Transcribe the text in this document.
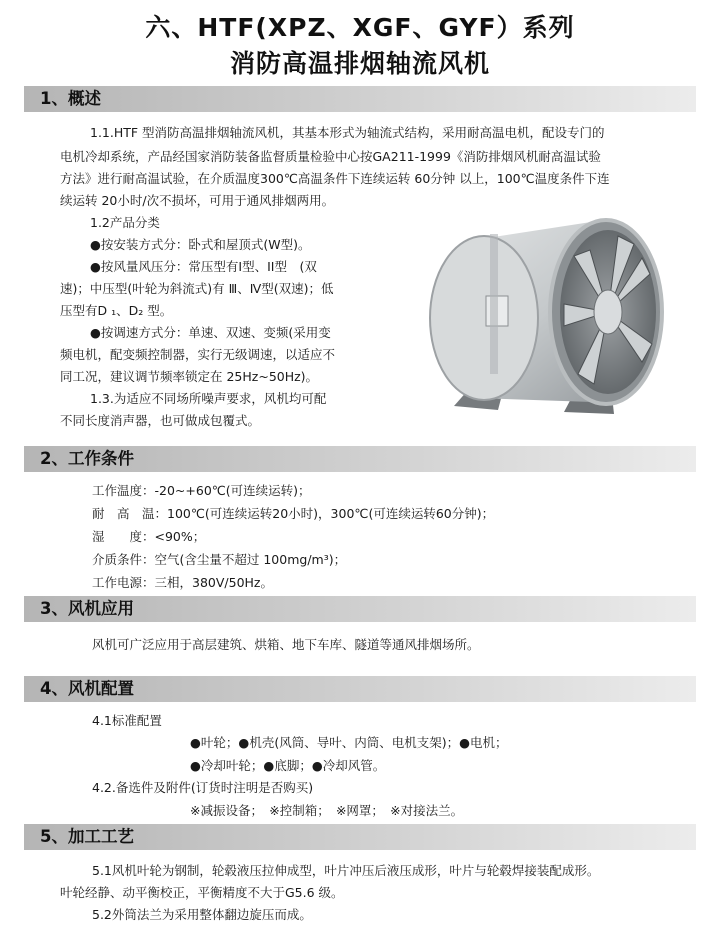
六、HTF(XPZ、XGF、GYF）系列
消防高温排烟轴流风机
1、概述
1.1.HTF 型消防高温排烟轴流风机，其基本形式为轴流式结构，采用耐高温电机，配设专门的
电机冷却系统，产品经国家消防装备监督质量检验中心按GA211-1999《消防排烟风机耐高温试验
方法》进行耐高温试验，在介质温度300℃高温条件下连续运转 60分钟 以上，100℃温度条件下连
续运转 20小时/次不损坏，可用于通风排烟两用。
1.2产品分类
●按安装方式分：卧式和屋顶式(W型)。
●按风量风压分：常压型有I型、II型　(双
速)；中压型(叶轮为斜流式)有 Ⅲ、Ⅳ型(双速)；低
压型有D ₁、D₂ 型。
●按调速方式分：单速、双速、变频(采用变
频电机，配变频控制器，实行无级调速，以适应不
同工况，建议调节频率锁定在 25Hz~50Hz)。
1.3.为适应不同场所噪声要求，风机均可配
不同长度消声器，也可做成包覆式。
2、工作条件
工作温度：-20~+60℃(可连续运转)；
耐　高　温：100℃(可连续运转20小时)，300℃(可连续运转60分钟)；
湿　　度：<90%；
介质条件：空气(含尘量不超过 100mg/m³)；
工作电源：三相，380V/50Hz。
3、风机应用
风机可广泛应用于高层建筑、烘箱、地下车库、隧道等通风排烟场所。
4、风机配置
4.1标准配置
●叶轮；●机壳(风筒、导叶、内筒、电机支架)；●电机；
●冷却叶轮；●底脚；●冷却风管。
4.2.备选件及附件(订货时注明是否购买)
※减振设备；　※控制箱；　※网罩；　※对接法兰。
5、加工工艺
5.1风机叶轮为钢制，轮毂液压拉伸成型，叶片冲压后液压成形，叶片与轮毂焊接装配成形。
叶轮经静、动平衡校正，平衡精度不大于G5.6 级。
5.2外筒法兰为采用整体翻边旋压而成。
